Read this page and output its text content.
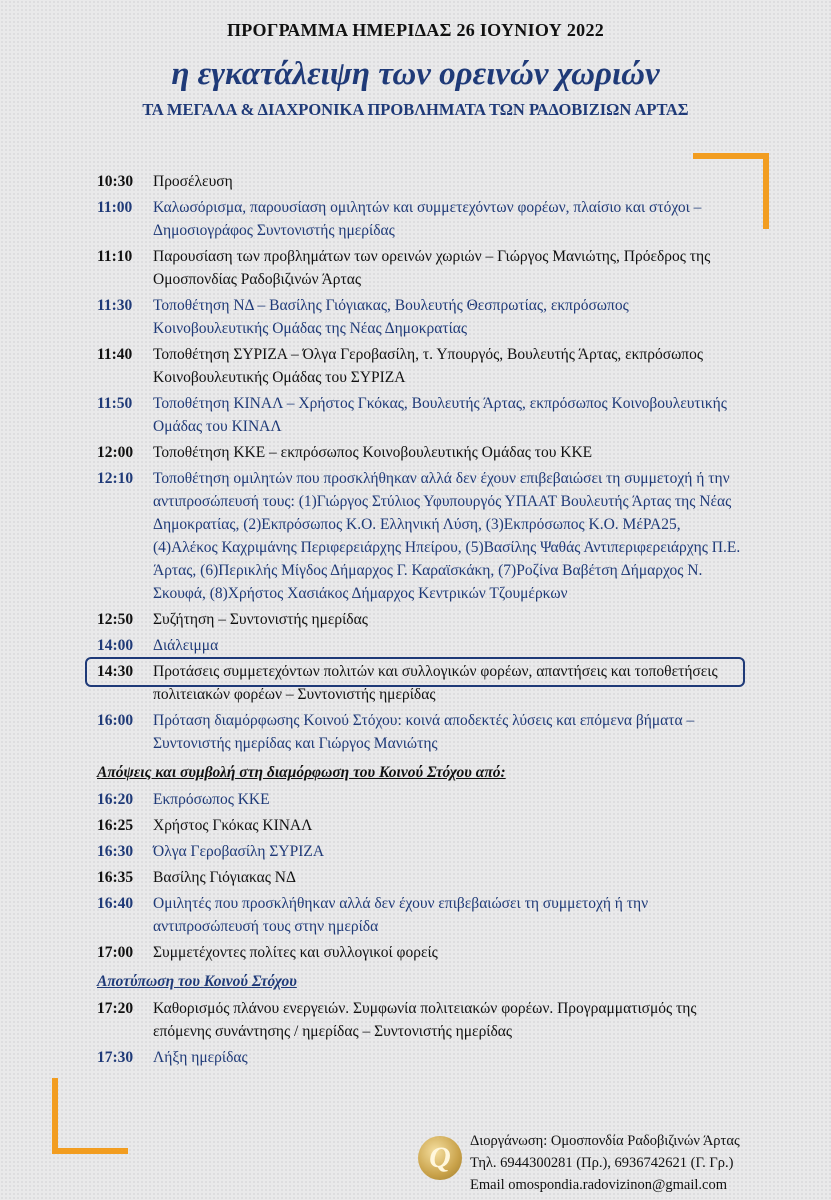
ΠΡΟΓΡΑΜΜΑ ΗΜΕΡΙΔΑΣ 26 ΙΟΥΝΙΟΥ 2022
η εγκατάλειψη των ορεινών χωριών
ΤΑ ΜΕΓΑΛΑ & ΔΙΑΧΡΟΝΙΚΑ ΠΡΟΒΛΗΜΑΤΑ ΤΩΝ ΡΑΔΟΒΙΖΙΩΝ ΑΡΤΑΣ
10:30	Προσέλευση
11:00	Καλωσόρισμα, παρουσίαση ομιλητών και συμμετεχόντων φορέων, πλαίσιο και στόχοι – Δημοσιογράφος Συντονιστής ημερίδας
11:10	Παρουσίαση των προβλημάτων των ορεινών χωριών – Γιώργος Μανιώτης, Πρόεδρος της Ομοσπονδίας Ραδοβιζινών Άρτας
11:30	Τοποθέτηση ΝΔ – Βασίλης Γιόγιακας, Βουλευτής Θεσπρωτίας, εκπρόσωπος Κοινοβουλευτικής Ομάδας της Νέας Δημοκρατίας
11:40	Τοποθέτηση ΣΥΡΙΖΑ – Όλγα Γεροβασίλη, τ. Υπουργός, Βουλευτής Άρτας, εκπρόσωπος Κοινοβουλευτικής Ομάδας του ΣΥΡΙΖΑ
11:50	Τοποθέτηση ΚΙΝΑΛ – Χρήστος Γκόκας, Βουλευτής Άρτας, εκπρόσωπος Κοινοβουλευτικής Ομάδας του ΚΙΝΑΛ
12:00	Τοποθέτηση ΚΚΕ – εκπρόσωπος Κοινοβουλευτικής Ομάδας του ΚΚΕ
12:10	Τοποθέτηση ομιλητών που προσκλήθηκαν αλλά δεν έχουν επιβεβαιώσει τη συμμετοχή ή την αντιπροσώπευσή τους: (1)Γιώργος Στύλιος Υφυπουργός ΥΠΑΑΤ Βουλευτής Άρτας της Νέας Δημοκρατίας, (2)Εκπρόσωπος Κ.Ο. Ελληνική Λύση, (3)Εκπρόσωπος Κ.Ο. ΜέΡΑ25, (4)Αλέκος Καχριμάνης Περιφερειάρχης Ηπείρου, (5)Βασίλης Ψαθάς Αντιπεριφερειάρχης Π.Ε. Άρτας, (6)Περικλής Μίγδος Δήμαρχος Γ. Καραϊσκάκη, (7)Ροζίνα Βαβέτση Δήμαρχος Ν. Σκουφά, (8)Χρήστος Χασιάκος Δήμαρχος Κεντρικών Τζουμέρκων
12:50	Συζήτηση – Συντονιστής ημερίδας
14:00	Διάλειμμα
14:30	Προτάσεις συμμετεχόντων πολιτών και συλλογικών φορέων, απαντήσεις και τοποθετήσεις πολιτειακών φορέων – Συντονιστής ημερίδας
16:00	Πρόταση διαμόρφωσης Κοινού Στόχου: κοινά αποδεκτές λύσεις και επόμενα βήματα – Συντονιστής ημερίδας και Γιώργος Μανιώτης
Απόψεις και συμβολή στη διαμόρφωση του Κοινού Στόχου από:
16:20	Εκπρόσωπος ΚΚΕ
16:25	Χρήστος Γκόκας ΚΙΝΑΛ
16:30	Όλγα Γεροβασίλη ΣΥΡΙΖΑ
16:35	Βασίλης Γιόγιακας ΝΔ
16:40	Ομιλητές που προσκλήθηκαν αλλά δεν έχουν επιβεβαιώσει τη συμμετοχή ή την αντιπροσώπευσή τους στην ημερίδα
17:00	Συμμετέχοντες πολίτες και συλλογικοί φορείς
Αποτύπωση του Κοινού Στόχου
17:20	Καθορισμός πλάνου ενεργειών. Συμφωνία πολιτειακών φορέων. Προγραμματισμός της επόμενης συνάντησης / ημερίδας – Συντονιστής ημερίδας
17:30	Λήξη ημερίδας
Q	Διοργάνωση: Ομοσπονδία Ραδοβιζινών Άρτας
Τηλ. 6944300281 (Πρ.), 6936742621 (Γ. Γρ.)
Email omospondia.radovizinon@gmail.com
